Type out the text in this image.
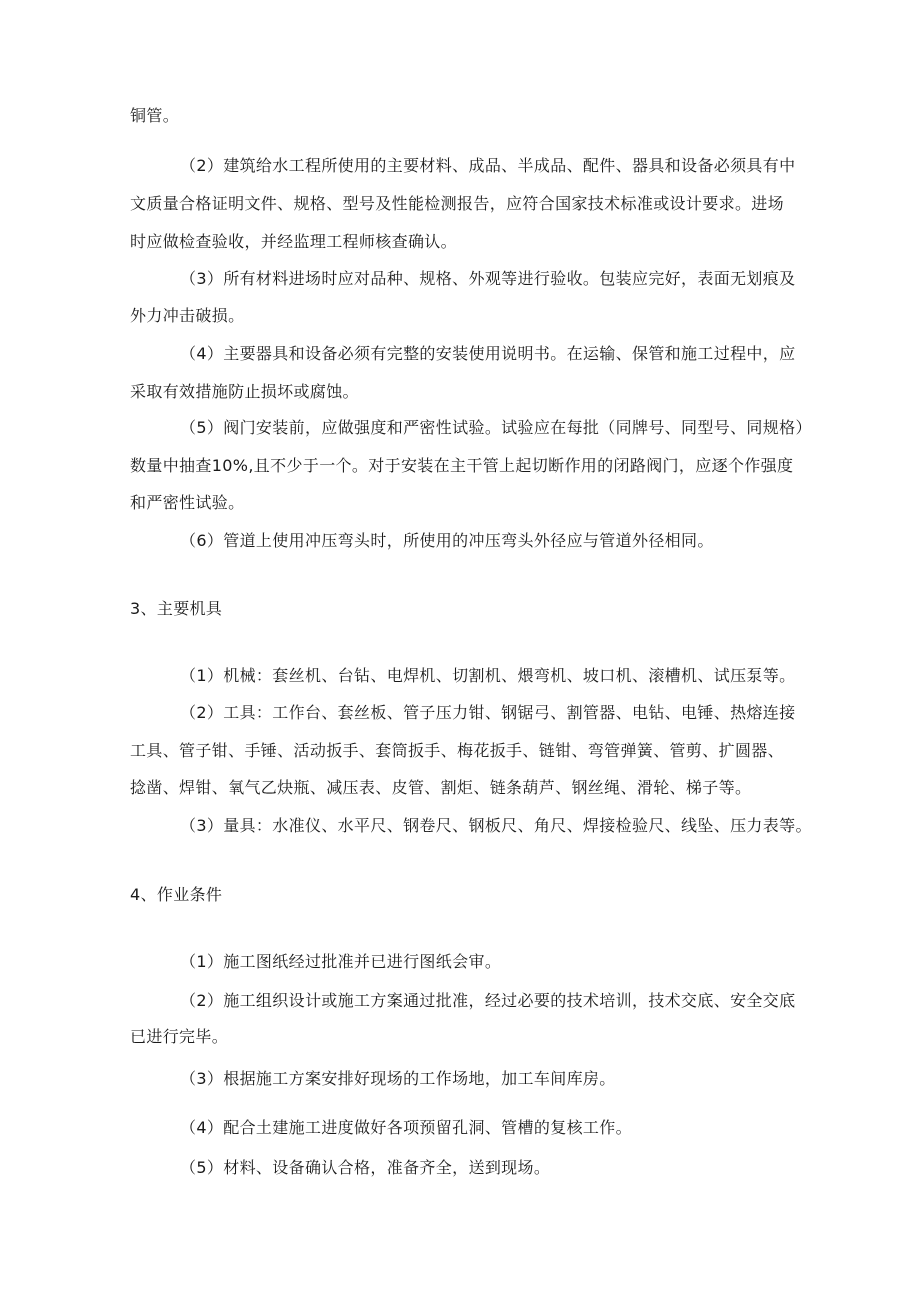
铜管。
（2）建筑给水工程所使用的主要材料、成品、半成品、配件、器具和设备必须具有中
文质量合格证明文件、规格、型号及性能检测报告，应符合国家技术标准或设计要求。进场
时应做检查验收，并经监理工程师核查确认。
（3）所有材料进场时应对品种、规格、外观等进行验收。包装应完好，表面无划痕及
外力冲击破损。
（4）主要器具和设备必须有完整的安装使用说明书。在运输、保管和施工过程中，应
采取有效措施防止损坏或腐蚀。
（5）阀门安装前，应做强度和严密性试验。试验应在每批（同牌号、同型号、同规格）
数量中抽查10%,且不少于一个。对于安装在主干管上起切断作用的闭路阀门，应逐个作强度
和严密性试验。
（6）管道上使用冲压弯头时，所使用的冲压弯头外径应与管道外径相同。
3、主要机具
（1）机械：套丝机、台钻、电焊机、切割机、煨弯机、坡口机、滚槽机、试压泵等。
（2）工具：工作台、套丝板、管子压力钳、钢锯弓、割管器、电钻、电锤、热熔连接
工具、管子钳、手锤、活动扳手、套筒扳手、梅花扳手、链钳、弯管弹簧、管剪、扩圆器、
捻凿、焊钳、氧气乙炔瓶、减压表、皮管、割炬、链条葫芦、钢丝绳、滑轮、梯子等。
（3）量具：水准仪、水平尺、钢卷尺、钢板尺、角尺、焊接检验尺、线坠、压力表等。
4、作业条件
（1）施工图纸经过批准并已进行图纸会审。
（2）施工组织设计或施工方案通过批准，经过必要的技术培训，技术交底、安全交底
已进行完毕。
（3）根据施工方案安排好现场的工作场地，加工车间库房。
（4）配合土建施工进度做好各项预留孔洞、管槽的复核工作。
（5）材料、设备确认合格，准备齐全，送到现场。
